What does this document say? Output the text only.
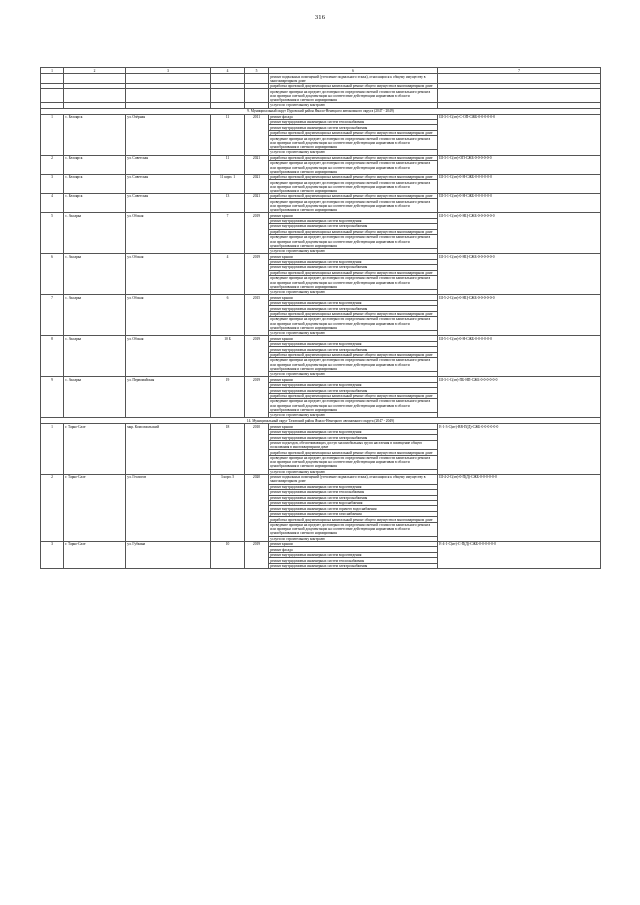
316
1	2	3	4	5	6	7
					ремонт подвальных помещений (утепление подвального этажа), относящихся к общему имуществу в многоквартирном доме	
					разработка проектной документации на капитальный ремонт общего имущества в многоквартирном доме	
					проведение проверки на предмет достоверности определения сметной стоимости капитального ремонта или проверки сметной документации на соответствие действующим нормативам в области ценообразования и сметного нормирования	
					услуги по строительному контролю	
9. Муниципальный округ Пуровский район Ямало-Ненецкого автономного округа (2047 - 2049)						
1	с. Белоярск	ул. Озёрная	11	2011	ремонт фасада	Ш-3-1-С(ит)-С-ОП-СЖБ-0-0-0-0-0-0
					ремонт внутридомовых инженерных систем теплоснабжения	
					ремонт внутридомовых инженерных систем электроснабжения	
					разработка проектной документации на капитальный ремонт общего имущества в многоквартирном доме	
					проведение проверки на предмет достоверности определения сметной стоимости капитального ремонта или проверки сметной документации на соответствие действующим нормативам в области ценообразования и сметного нормирования	
					услуги по строительному контролю	
2	с. Белоярск	ул. Советская	11	2021	разработка проектной документации на капитальный ремонт общего имущества в многоквартирном доме	Ш-3-1-С(ит)-ОП-СЖБ-0-0-0-0-0-0
					проведение проверки на предмет достоверности определения сметной стоимости капитального ремонта или проверки сметной документации на соответствие действующим нормативам в области ценообразования и сметного нормирования	
3	с. Белоярск	ул. Советская	11 корп. 1	2021	разработка проектной документации на капитальный ремонт общего имущества в многоквартирном доме	Ш-3-1-С(ит)-0-Н-СЖБ-0-0-0-0-0-0
					проведение проверки на предмет достоверности определения сметной стоимости капитального ремонта или проверки сметной документации на соответствие действующим нормативам в области ценообразования и сметного нормирования	
4	с. Белоярск	ул. Советская	13	2021	разработка проектной документации на капитальный ремонт общего имущества в многоквартирном доме	Ш-3-1-С(ит)-0-Н-СЖБ-0-0-0-0-0-0
					проведение проверки на предмет достоверности определения сметной стоимости капитального ремонта или проверки сметной документации на соответствие действующим нормативам в области ценообразования и сметного нормирования	
5	с. Аксарка	ул. Обская	7	2019	ремонт крыши	Ш-5-1-С(ит)-0-НЦ-СЖБ-0-0-0-0-0-0
					ремонт внутридомовых инженерных систем водоотведения	
					ремонт внутридомовых инженерных систем электроснабжения	
					разработка проектной документации на капитальный ремонт общего имущества в многоквартирном доме	
					проведение проверки на предмет достоверности определения сметной стоимости капитального ремонта или проверки сметной документации на соответствие действующим нормативам в области ценообразования и сметного нормирования	
					услуги по строительному контролю	
6	с. Аксарка	ул. Обская	4	2019	ремонт крыши	Ш-3-1-С(ит)-0-НЦ-СЖБ-0-0-0-0-0-0
					ремонт внутридомовых инженерных систем водоотведения	
					ремонт внутридомовых инженерных систем электроснабжения	
					разработка проектной документации на капитальный ремонт общего имущества в многоквартирном доме	
					проведение проверки на предмет достоверности определения сметной стоимости капитального ремонта или проверки сметной документации на соответствие действующим нормативам в области ценообразования и сметного нормирования	
					услуги по строительному контролю	
7	с. Аксарка	ул. Обская	6	2015	ремонт крыши	Ш-5-2-С(ит)-0-НЦ-СЖБ-0-0-0-0-0-0
					ремонт внутридомовых инженерных систем водоотведения	
					ремонт внутридомовых инженерных систем электроснабжения	
					разработка проектной документации на капитальный ремонт общего имущества в многоквартирном доме	
					проведение проверки на предмет достоверности определения сметной стоимости капитального ремонта или проверки сметной документации на соответствие действующим нормативам в области ценообразования и сметного нормирования	
					услуги по строительному контролю	
8	с. Аксарка	ул. Обская	10 Б	2019	ремонт крыши	Ш-5-1-С(ит)-0-Н-СЖБ-0-0-0-0-0-0
					ремонт внутридомовых инженерных систем водоотведения	
					ремонт внутридомовых инженерных систем электроснабжения	
					разработка проектной документации на капитальный ремонт общего имущества в многоквартирном доме	
					проведение проверки на предмет достоверности определения сметной стоимости капитального ремонта или проверки сметной документации на соответствие действующим нормативам в области ценообразования и сметного нормирования	
					услуги по строительному контролю	
9	с. Аксарка	ул. Первомайская	19	2019	ремонт крыши	Ш-3-1-С(ит)-ПБ-НП-СЖБ-0-0-0-0-0-0
					ремонт внутридомовых инженерных систем водоотведения	
					ремонт внутридомовых инженерных систем электроснабжения	
					разработка проектной документации на капитальный ремонт общего имущества в многоквартирном доме	
					проведение проверки на предмет достоверности определения сметной стоимости капитального ремонта или проверки сметной документации на соответствие действующим нормативам в области ценообразования и сметного нормирования	
					услуги по строительному контролю	
14. Муниципальный округ Тазовский район Ямало-Ненецкого автономного округа (2047 - 2049)						
1	г. Тарко-Сале	мкр. Комсомольский	18	2010	ремонт крыши	Е-1-3-С(ит)-ВВ-П(Д)-СЖБ-0-0-0-0-0-0
					ремонт внутридомовых инженерных систем водоотведения	
					ремонт внутридомовых инженерных систем электроснабжения	
					ремонт подъездов, обеспечивающих доступ маломобильных групп населения в помещение общего пользования в многоквартирном доме	
					разработка проектной документации на капитальный ремонт общего имущества в многоквартирном доме	
					проведение проверки на предмет достоверности определения сметной стоимости капитального ремонта или проверки сметной документации на соответствие действующим нормативам в области ценообразования и сметного нормирования	
					услуги по строительному контролю	
2	г. Тарко-Сале	ул. Геологов	3 корп. 5	2020	ремонт подвальных помещений (утепление подвального этажа), относящихся к общему имуществу в многоквартирном доме	Ш-4-2-С(ит)-0-П(Д)-СЖБ-0-0-0-0-0-0
					ремонт внутридомовых инженерных систем водоотведения	
					ремонт внутридомовых инженерных систем теплоснабжения	
					ремонт внутридомовых инженерных систем электроснабжения	
					ремонт внутридомовых инженерных систем водоснабжения	
					ремонт внутридомовых инженерных систем горячего водоснабжения	
					ремонт внутридомовых инженерных систем газоснабжения	
					разработка проектной документации на капитальный ремонт общего имущества в многоквартирном доме	
					проведение проверки на предмет достоверности определения сметной стоимости капитального ремонта или проверки сметной документации на соответствие действующим нормативам в области ценообразования и сметного нормирования	
					услуги по строительному контролю	
3	г. Тарко-Сале	ул. Губкина	10	2019	ремонт крыши	Е-4-1-С(ит)-С-П(Д)-СЖБ-0-0-0-0-0-0
					ремонт фасада	
					ремонт внутридомовых инженерных систем водоотведения	
					ремонт внутридомовых инженерных систем теплоснабжения	
					ремонт внутридомовых инженерных систем электроснабжения	
